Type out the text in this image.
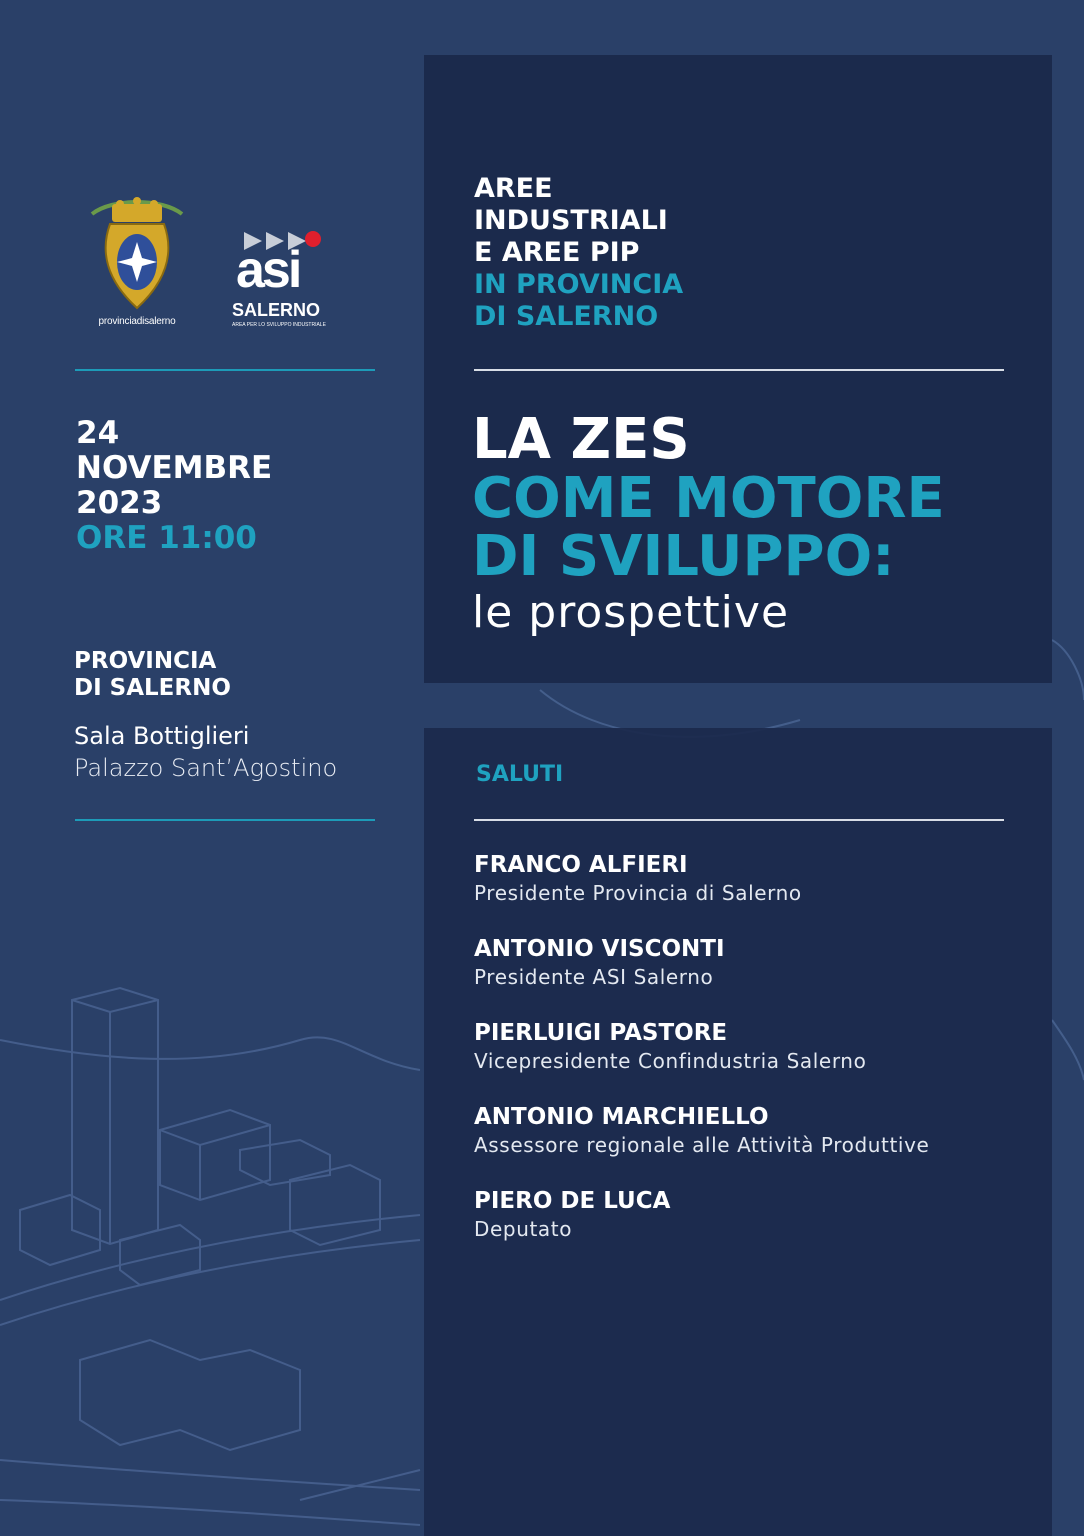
provinciadisalerno
asi
SALERNO
AREA PER LO SVILUPPO INDUSTRIALE
24
NOVEMBRE
2023
ORE 11:00
PROVINCIA
DI SALERNO
Sala Bottiglieri
Palazzo Sant’Agostino
AREE
INDUSTRIALI
E AREE PIP
IN PROVINCIA
DI SALERNO
LA ZES
COME MOTORE
DI SVILUPPO:
le prospettive
SALUTI
FRANCO ALFIERI
Presidente Provincia di Salerno
ANTONIO VISCONTI
Presidente ASI Salerno
PIERLUIGI PASTORE
Vicepresidente Confindustria Salerno
ANTONIO MARCHIELLO
Assessore regionale alle Attività Produttive
PIERO DE LUCA
Deputato
